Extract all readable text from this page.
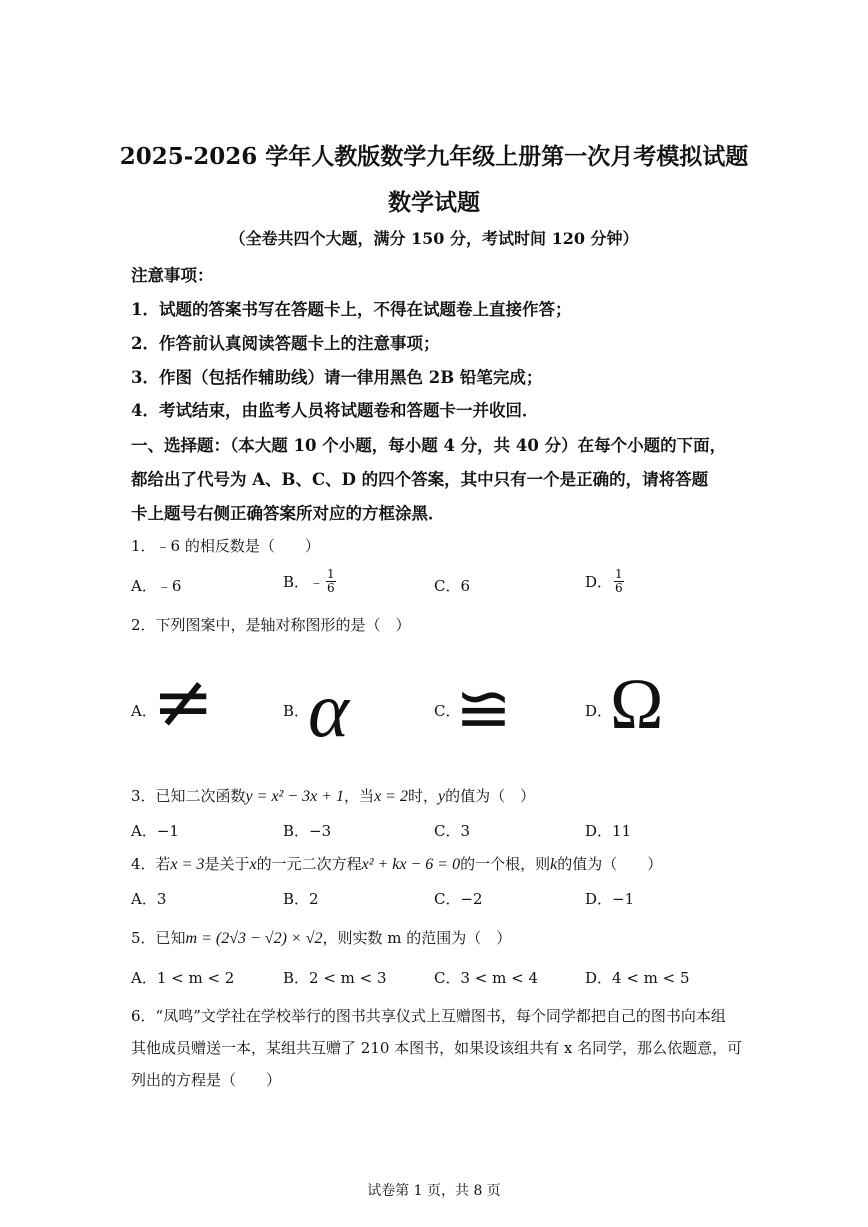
2025-2026 学年人教版数学九年级上册第一次月考模拟试题
数学试题
（全卷共四个大题，满分 150 分，考试时间 120 分钟）
注意事项：
1．试题的答案书写在答题卡上，不得在试题卷上直接作答；
2．作答前认真阅读答题卡上的注意事项；
3．作图（包括作辅助线）请一律用黑色 2B 铅笔完成；
4．考试结束，由监考人员将试题卷和答题卡一并收回．
一、选择题：（本大题 10 个小题，每小题 4 分，共 40 分）在每个小题的下面，
都给出了代号为 A、B、C、D 的四个答案，其中只有一个是正确的，请将答题
卡上题号右侧正确答案所对应的方框涂黑．
1．﹣6 的相反数是（　　）
A．﹣6	B．﹣ $\frac{1}{6}$	C．6	D． $\frac{1}{6}$
2．下列图案中，是轴对称图形的是（　）
A．
≠	B．
α	C．
≌	D．
Ω
3．已知二次函数y = x² − 3x + 1，当x = 2时，y的值为（　）
A．−1	B．−3	C．3	D．11
4．若x = 3是关于x的一元二次方程x² + kx − 6 = 0的一个根，则k的值为（　　）
A．3	B．2	C．−2	D．−1
5．已知m = (2√3 − √2) × √2，则实数 m 的范围为（　）
A．1 < m < 2	B．2 < m < 3	C．3 < m < 4	D．4 < m < 5
6．“凤鸣”文学社在学校举行的图书共享仪式上互赠图书，每个同学都把自己的图书向本组
其他成员赠送一本，某组共互赠了 210 本图书，如果设该组共有 x 名同学，那么依题意，可
列出的方程是（　　）
试卷第 1 页，共 8 页
